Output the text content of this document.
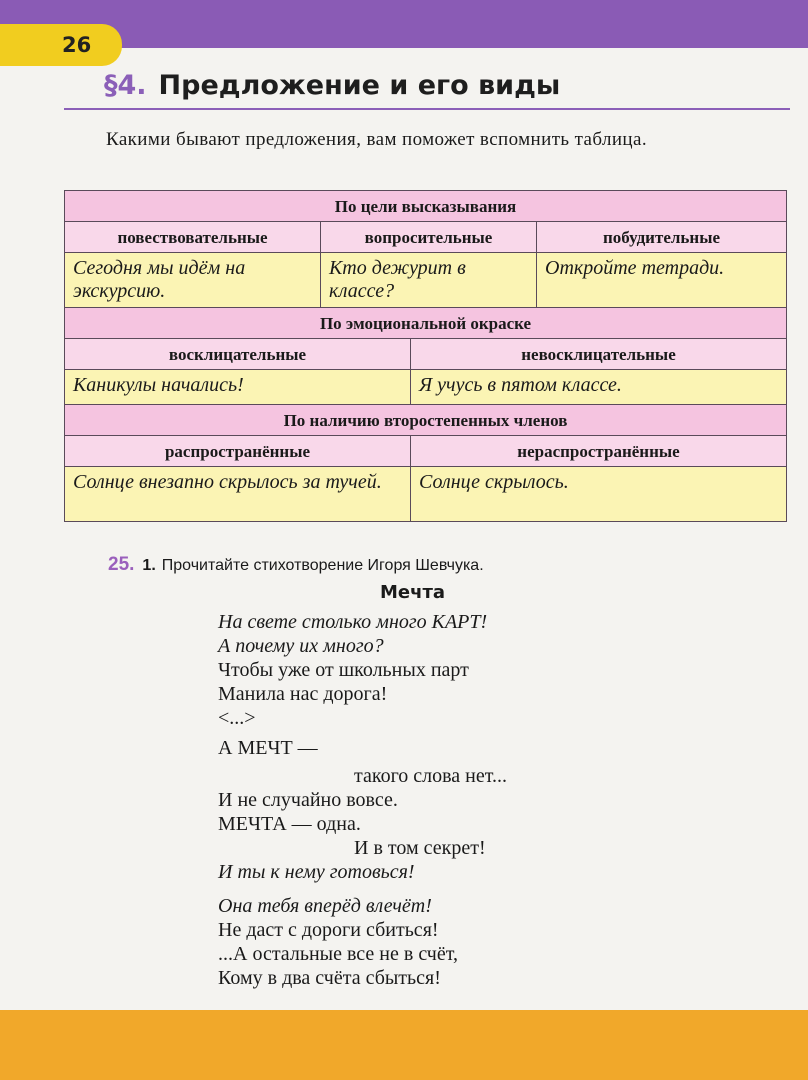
26
§4. Предложение и его виды
Какими бывают предложения, вам поможет вспомнить таблица.
По цели высказывания			
повествовательные	вопросительные		побудительные
Сегодня мы идём на экскурсию.	Кто дежурит в классе?		Откройте тетради.
По эмоциональной окраске			
восклицательные		невосклицательные	
Каникулы начались!		Я учусь в пятом классе.	
По наличию второстепенных членов			
распространённые		нераспространённые	
Солнце внезапно скрылось за тучей.		Солнце скрылось.	
25. 1. Прочитайте стихотворение Игоря Шевчука.
Мечта
На свете столько много КАРТ!
А почему их много?
Чтобы уже от школьных парт
Манила нас дорога!
<...>
А МЕЧТ —
такого слова нет...
И не случайно вовсе.
МЕЧТА — одна.
И в том секрет!
И ты к нему готовься!
Она тебя вперёд влечёт!
Не даст с дороги сбиться!
...А остальные все не в счёт,
Кому в два счёта сбыться!
